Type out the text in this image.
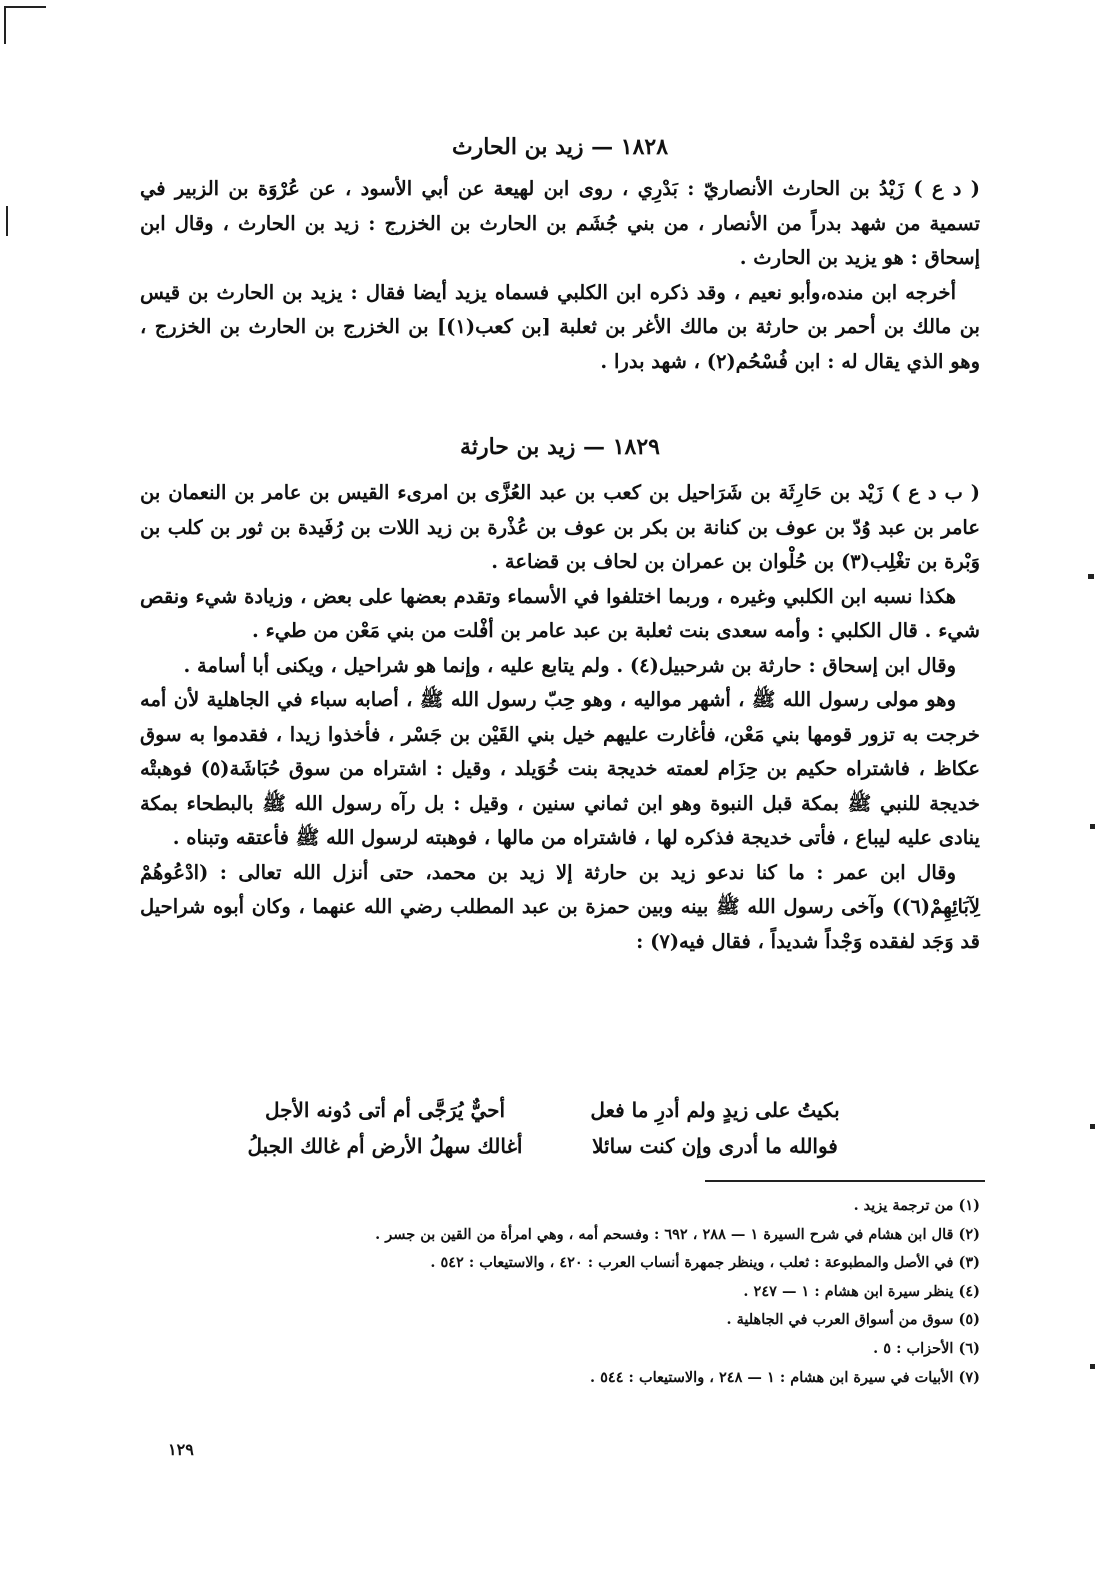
١٨٢٨ — زيد بن الحارث

( د ع ) زَيْدُ بن الحارث الأنصاريّ : بَدْرِي ، روى ابن لهيعة عن أبي الأسود ، عن عُرْوَة بن الزبير في تسمية من شهد بدراً من الأنصار ، من بني جُشَم بن الحارث بن الخزرج : زيد بن الحارث ، وقال ابن إسحاق : هو يزيد بن الحارث .

أخرجه ابن منده،وأبو نعيم ، وقد ذكره ابن الكلبي فسماه يزيد أيضا فقال : يزيد بن الحارث بن قيس بن مالك بن أحمر بن حارثة بن مالك الأغر بن ثعلبة [بن كعب(١)] بن الخزرج بن الحارث بن الخزرج ، وهو الذي يقال له : ابن فُسْحُم(٢) ، شهد بدرا .

١٨٢٩ — زيد بن حارثة

( ب د ع ) زَيْد بن حَارِثَة بن شَرَاحيل بن كعب بن عبد العُزَّى بن امرىء القيس بن عامر بن النعمان بن عامر بن عبد وُدّ بن عوف بن كنانة بن بكر بن عوف بن عُذْرة بن زيد اللات بن رُفَيدة بن ثور بن كلب بن وَبْرة بن تغْلِب(٣) بن حُلْوان بن عمران بن لحاف بن قضاعة .

هكذا نسبه ابن الكلبي وغيره ، وربما اختلفوا في الأسماء وتقدم بعضها على بعض ، وزيادة شيء ونقص شيء . قال الكلبي : وأمه سعدى بنت ثعلبة بن عبد عامر بن أفْلت من بني مَعْن من طيء .

وقال ابن إسحاق : حارثة بن شرحبيل(٤) . ولم يتابع عليه ، وإنما هو شراحيل ، ويكنى أبا أسامة .

وهو مولى رسول الله ﷺ ، أشهر مواليه ، وهو حِبّ رسول الله ﷺ ، أصابه سباء في الجاهلية لأن أمه خرجت به تزور قومها بني مَعْن، فأغارت عليهم خيل بني القَيْن بن جَسْر ، فأخذوا زيدا ، فقدموا به سوق عكاظ ، فاشتراه حكيم بن حِزَام لعمته خديجة بنت خُوَيلد ، وقيل : اشتراه من سوق حُبَاشَة(٥) فوهبتْه خديجة للنبي ﷺ بمكة قبل النبوة وهو ابن ثماني سنين ، وقيل : بل رآه رسول الله ﷺ بالبطحاء بمكة ينادى عليه ليباع ، فأتى خديجة فذكره لها ، فاشتراه من مالها ، فوهبته لرسول الله ﷺ فأعتقه وتبناه .

وقال ابن عمر : ما كنا ندعو زيد بن حارثة إلا زيد بن محمد، حتى أنزل الله تعالى : (ادْعُوهُمْ لِآبَائِهِمْ(٦)) وآخى رسول الله ﷺ بينه وبين حمزة بن عبد المطلب رضي الله عنهما ، وكان أبوه شراحيل قد وَجَد لفقده وَجْداً شديداً ، فقال فيه(٧) :

بكيتُ على زيدٍ ولم أدرِ ما فعل
أحيٌّ يُرَجَّى أم أتى دُونه الأجل
فوالله ما أدرى وإن كنت سائلا
أغالك سهلُ الأرض أم غالك الجبلُ
(١) من ترجمة يزيد .
(٢) قال ابن هشام في شرح السيرة ١ — ٢٨٨ ، ٦٩٢ : وفسحم أمه ، وهي امرأة من القين بن جسر .
(٣) في الأصل والمطبوعة : ثعلب ، وينظر جمهرة أنساب العرب : ٤٢٠ ، والاستيعاب : ٥٤٢ .
(٤) ينظر سيرة ابن هشام : ١ — ٢٤٧ .
(٥) سوق من أسواق العرب في الجاهلية .
(٦) الأحزاب : ٥ .
(٧) الأبيات في سيرة ابن هشام : ١ — ٢٤٨ ، والاستيعاب : ٥٤٤ .
١٢٩
